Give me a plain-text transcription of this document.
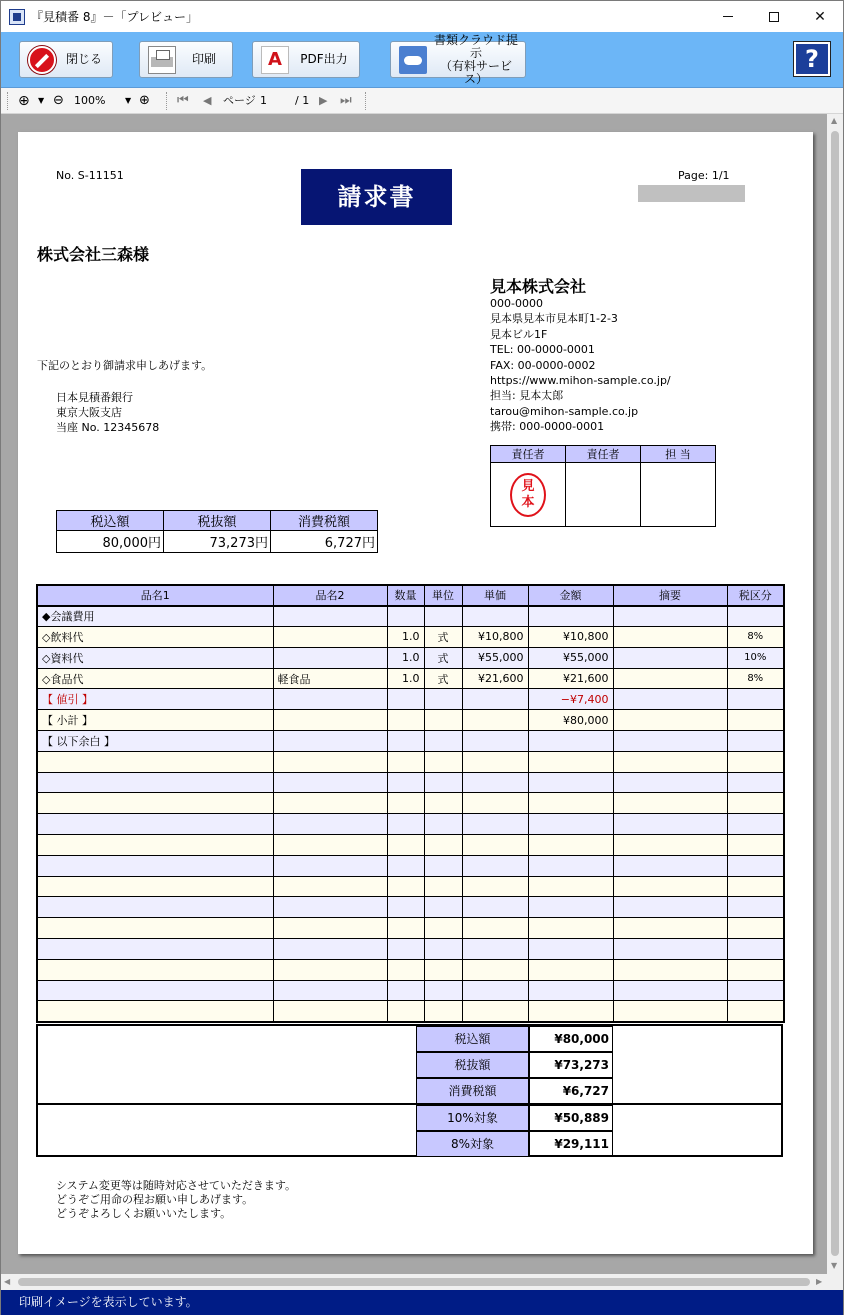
『見積番 8』－「プレビュー」	✕
閉じる	印刷 A	PDF出力
書類クラウド提示
（有料サービス）
?
⊕ ▼ ⊖ 100% ▼ ⊕ ⏮ ◀ ページ 1	/ 1 ▶ ⏭
No. S-11151
請求書
Page: 1/1
株式会社三森様
見本株式会社
000-0000
見本県見本市見本町1-2-3
見本ビル1F
TEL: 00-0000-0001
FAX: 00-0000-0002
https://www.mihon-sample.co.jp/
担当: 見本太郎
tarou@mihon-sample.co.jp
携帯: 000-0000-0001
下記のとおり御請求申しあげます。
日本見積番銀行
東京大阪支店
当座 No. 12345678
責任者	責任者	担 当
見
本		
税込額	税抜額	消費税額
80,000円	73,273円	6,727円
品名1	品名2	数量	単位	単価	金額	摘要	税区分
◆会議費用							
◇飲料代		1.0	式	¥10,800	¥10,800		8%
◇資料代		1.0	式	¥55,000	¥55,000		10%
◇食品代	軽食品	1.0	式	¥21,600	¥21,600		8%
【 値引 】					−¥7,400		
【 小計 】					¥80,000		
【 以下余白 】							

税込額	¥80,000
税抜額	¥73,273
消費税額	¥6,727
10%対象	¥50,889
8%対象	¥29,111
システム変更等は随時対応させていただきます。
どうぞご用命の程お願い申しあげます。
どうぞよろしくお願いいたします。
▲
▼
◀	▶
印刷イメージを表示しています。
